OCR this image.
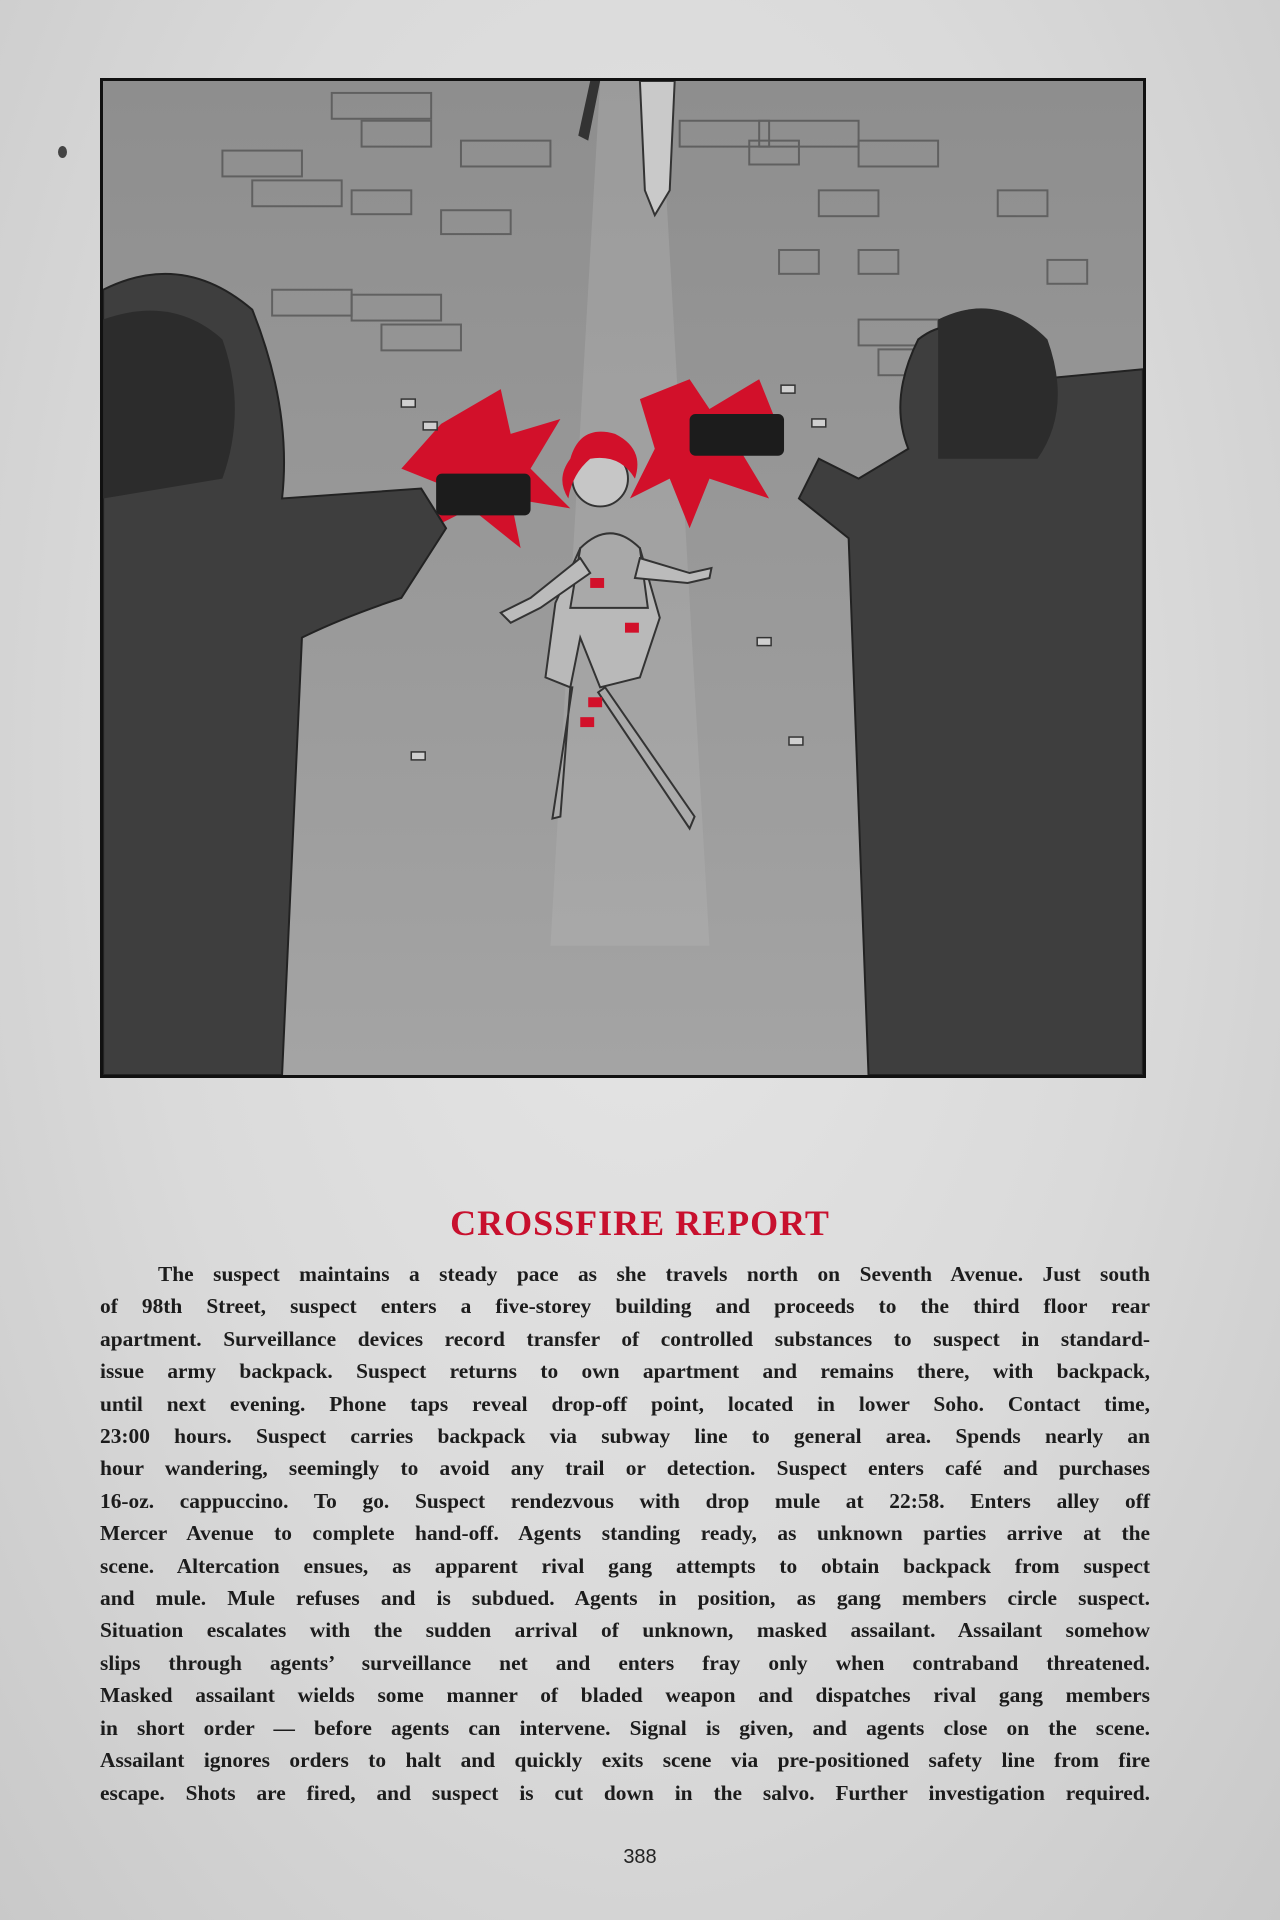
CROSSFIRE REPORT
The suspect maintains a steady pace as she travels north on Seventh Avenue. Just south
of 98th Street, suspect enters a five-storey building and proceeds to the third floor rear
apartment. Surveillance devices record transfer of controlled substances to suspect in standard-
issue army backpack. Suspect returns to own apartment and remains there, with backpack,
until next evening. Phone taps reveal drop-off point, located in lower Soho. Contact time,
23:00 hours. Suspect carries backpack via subway line to general area. Spends nearly an
hour wandering, seemingly to avoid any trail or detection. Suspect enters café and purchases
16-oz. cappuccino. To go. Suspect rendezvous with drop mule at 22:58. Enters alley off
Mercer Avenue to complete hand-off. Agents standing ready, as unknown parties arrive at the
scene. Altercation ensues, as apparent rival gang attempts to obtain backpack from suspect
and mule. Mule refuses and is subdued. Agents in position, as gang members circle suspect.
Situation escalates with the sudden arrival of unknown, masked assailant. Assailant somehow
slips through agents’ surveillance net and enters fray only when contraband threatened.
Masked assailant wields some manner of bladed weapon and dispatches rival gang members
in short order — before agents can intervene. Signal is given, and agents close on the scene.
Assailant ignores orders to halt and quickly exits scene via pre-positioned safety line from fire
escape. Shots are fired, and suspect is cut down in the salvo. Further investigation required.
388
